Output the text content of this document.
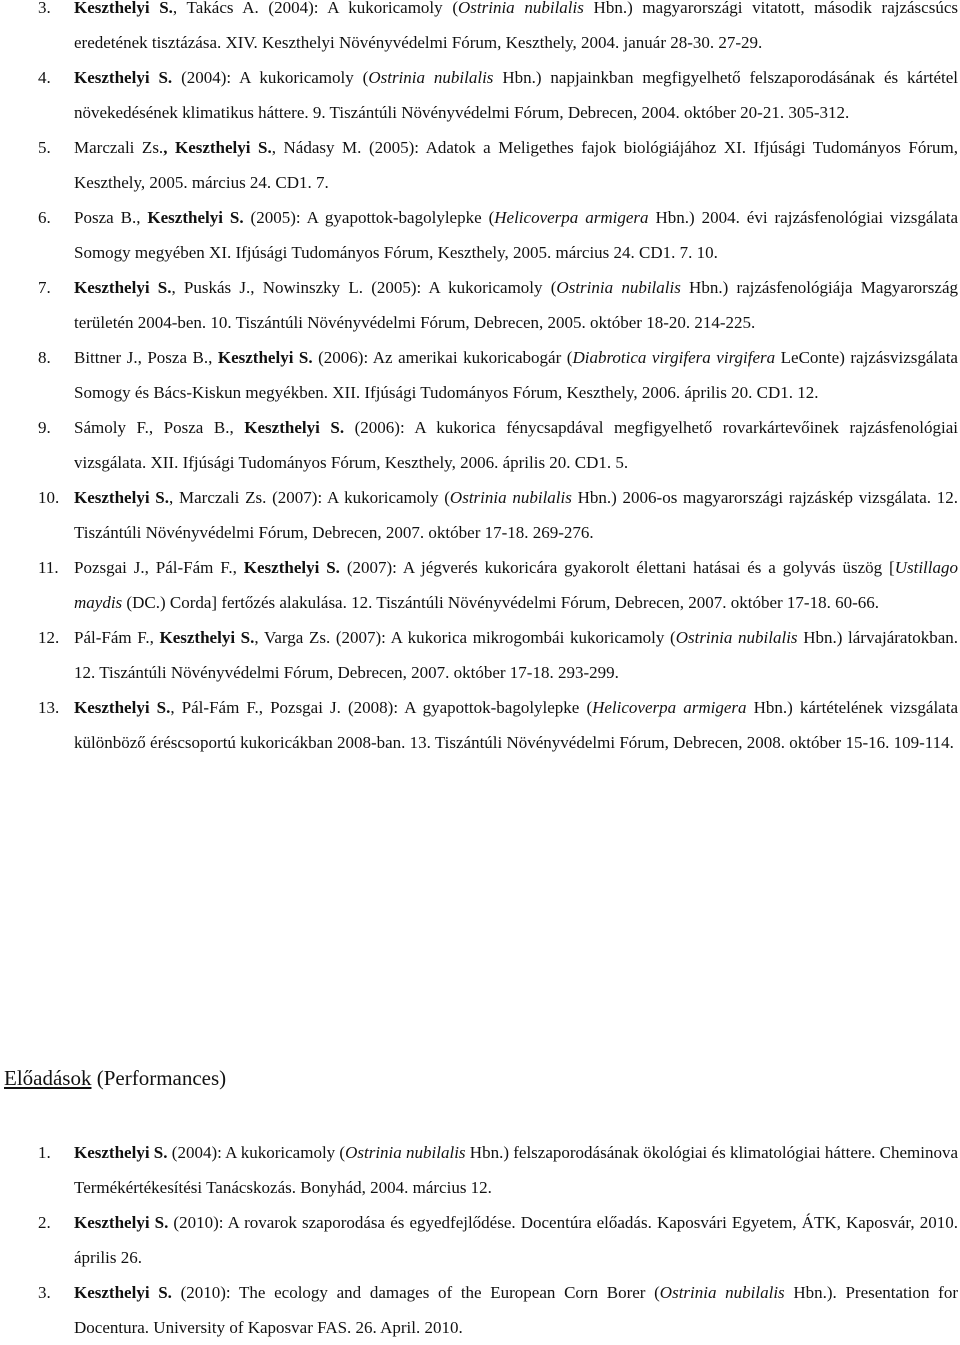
3. Keszthelyi S., Takács A. (2004): A kukoricamoly (Ostrinia nubilalis Hbn.) magyarországi vitatott, második rajzáscsúcs eredetének tisztázása. XIV. Keszthelyi Növényvédelmi Fórum, Keszthely, 2004. január 28-30. 27-29.
4. Keszthelyi S. (2004): A kukoricamoly (Ostrinia nubilalis Hbn.) napjainkban megfigyelhető felszaporodásának és kártétel növekedésének klimatikus háttere. 9. Tiszántúli Növényvédelmi Fórum, Debrecen, 2004. október 20-21. 305-312.
5. Marczali Zs., Keszthelyi S., Nádasy M. (2005): Adatok a Meligethes fajok biológiájához XI. Ifjúsági Tudományos Fórum, Keszthely, 2005. március 24. CD1. 7.
6. Posza B., Keszthelyi S. (2005): A gyapottok-bagolylepke (Helicoverpa armigera Hbn.) 2004. évi rajzásfenológiai vizsgálata Somogy megyében XI. Ifjúsági Tudományos Fórum, Keszthely, 2005. március 24. CD1. 7. 10.
7. Keszthelyi S., Puskás J., Nowinszky L. (2005): A kukoricamoly (Ostrinia nubilalis Hbn.) rajzásfenológiája Magyarország területén 2004-ben. 10. Tiszántúli Növényvédelmi Fórum, Debrecen, 2005. október 18-20. 214-225.
8. Bittner J., Posza B., Keszthelyi S. (2006): Az amerikai kukoricabogár (Diabrotica virgifera virgifera LeConte) rajzásvizsgálata Somogy és Bács-Kiskun megyékben. XII. Ifjúsági Tudományos Fórum, Keszthely, 2006. április 20. CD1. 12.
9. Sámoly F., Posza B., Keszthelyi S. (2006): A kukorica fénycsapdával megfigyelhető rovarkártevőinek rajzásfenológiai vizsgálata. XII. Ifjúsági Tudományos Fórum, Keszthely, 2006. április 20. CD1. 5.
10. Keszthelyi S., Marczali Zs. (2007): A kukoricamoly (Ostrinia nubilalis Hbn.) 2006-os magyarországi rajzáskép vizsgálata. 12. Tiszántúli Növényvédelmi Fórum, Debrecen, 2007. október 17-18. 269-276.
11. Pozsgai J., Pál-Fám F., Keszthelyi S. (2007): A jégverés kukoricára gyakorolt élettani hatásai és a golyvás üszög [Ustillago maydis (DC.) Corda] fertőzés alakulása. 12. Tiszántúli Növényvédelmi Fórum, Debrecen, 2007. október 17-18. 60-66.
12. Pál-Fám F., Keszthelyi S., Varga Zs. (2007): A kukorica mikrogombái kukoricamoly (Ostrinia nubilalis Hbn.) lárvajáratokban. 12. Tiszántúli Növényvédelmi Fórum, Debrecen, 2007. október 17-18. 293-299.
13. Keszthelyi S., Pál-Fám F., Pozsgai J. (2008): A gyapottok-bagolylepke (Helicoverpa armigera Hbn.) kártételének vizsgálata különböző éréscsoportú kukoricákban 2008-ban. 13. Tiszántúli Növényvédelmi Fórum, Debrecen, 2008. október 15-16. 109-114.
Előadások (Performances)
1. Keszthelyi S. (2004): A kukoricamoly (Ostrinia nubilalis Hbn.) felszaporodásának ökológiai és klimatológiai háttere. Cheminova Termékértékesítési Tanácskozás. Bonyhád, 2004. március 12.
2. Keszthelyi S. (2010): A rovarok szaporodása és egyedfejlődése. Docentúra előadás. Kaposvári Egyetem, ÁTK, Kaposvár, 2010. április 26.
3. Keszthelyi S. (2010): The ecology and damages of the European Corn Borer (Ostrinia nubilalis Hbn.). Presentation for Docentura. University of Kaposvar FAS. 26. April. 2010.
